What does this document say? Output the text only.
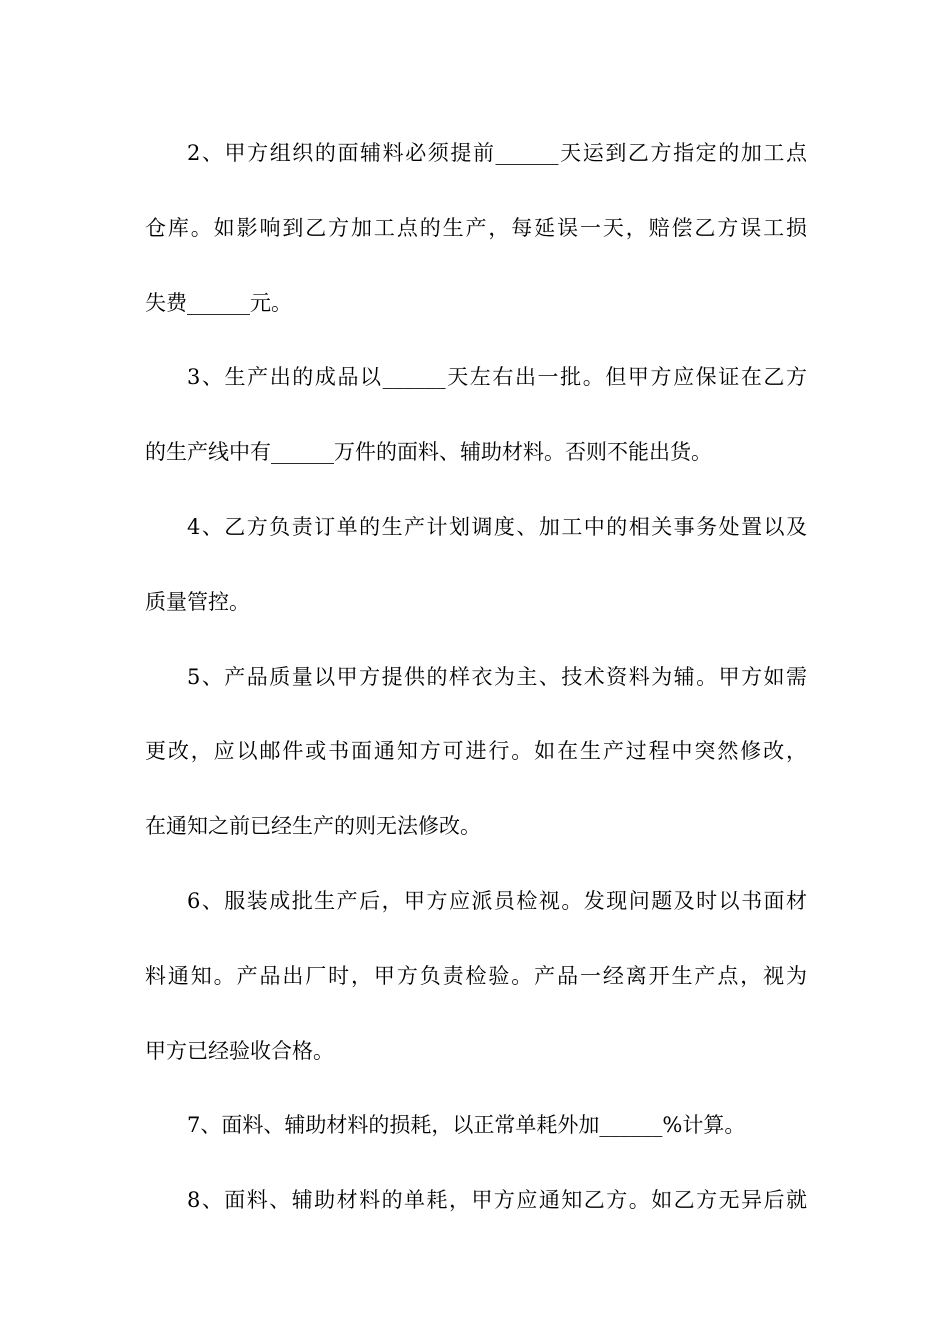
2、甲方组织的面辅料必须提前______天运到乙方指定的加工点
仓库。如影响到乙方加工点的生产，每延误一天，赔偿乙方误工损
失费______元。
3、生产出的成品以______天左右出一批。但甲方应保证在乙方
的生产线中有______万件的面料、辅助材料。否则不能出货。
4、乙方负责订单的生产计划调度、加工中的相关事务处置以及
质量管控。
5、产品质量以甲方提供的样衣为主、技术资料为辅。甲方如需
更改，应以邮件或书面通知方可进行。如在生产过程中突然修改，
在通知之前已经生产的则无法修改。
6、服装成批生产后，甲方应派员检视。发现问题及时以书面材
料通知。产品出厂时，甲方负责检验。产品一经离开生产点，视为
甲方已经验收合格。
7、面料、辅助材料的损耗，以正常单耗外加______%计算。
8、面料、辅助材料的单耗，甲方应通知乙方。如乙方无异后就
